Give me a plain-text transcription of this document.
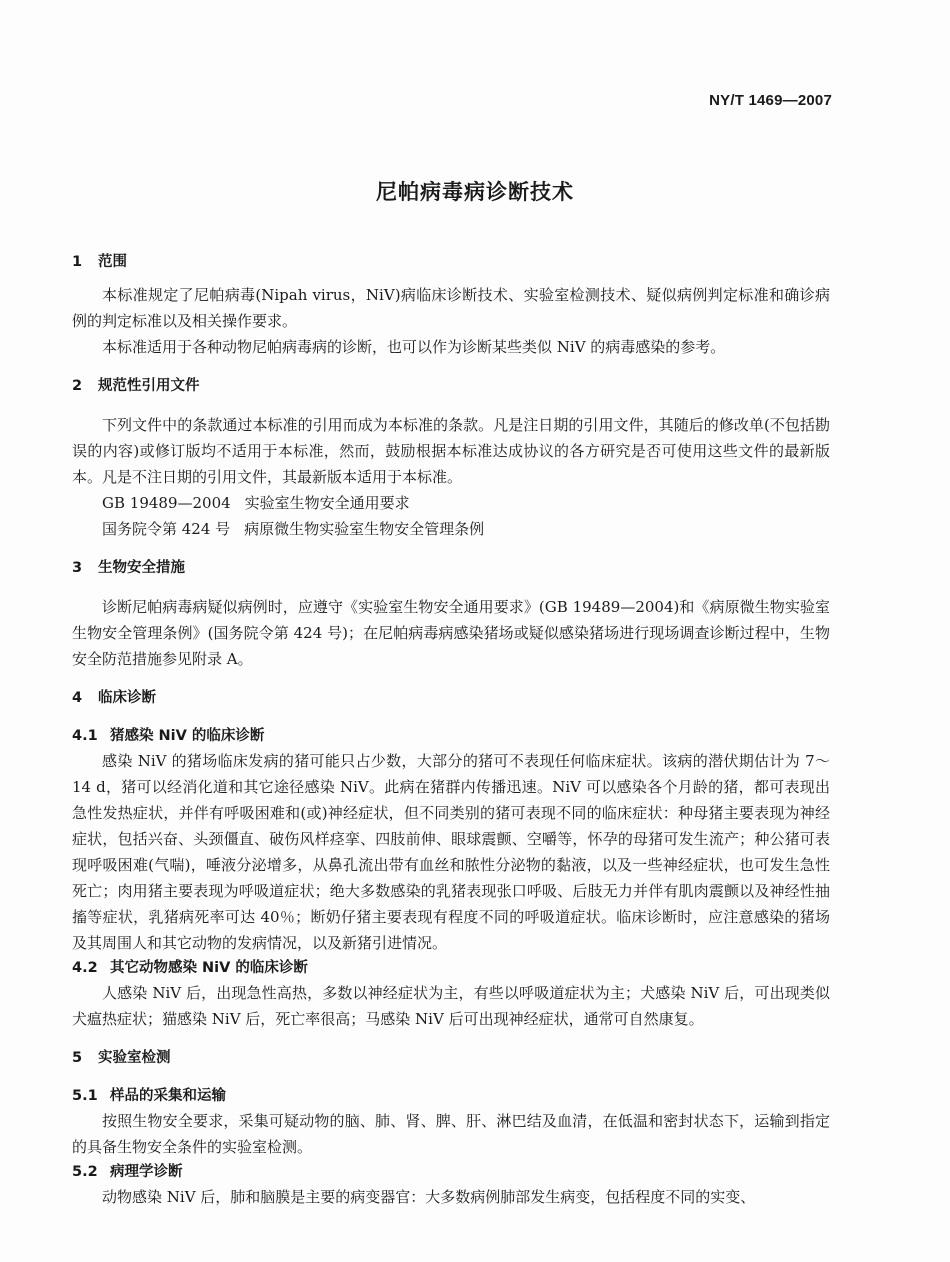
NY/T 1469—2007
尼帕病毒病诊断技术
1 范围

本标准规定了尼帕病毒(Nipah virus，NiV)病临床诊断技术、实验室检测技术、疑似病例判定标准和确诊病例的判定标准以及相关操作要求。

本标准适用于各种动物尼帕病毒病的诊断，也可以作为诊断某些类似 NiV 的病毒感染的参考。

2 规范性引用文件

下列文件中的条款通过本标准的引用而成为本标准的条款。凡是注日期的引用文件，其随后的修改单(不包括勘误的内容)或修订版均不适用于本标准，然而，鼓励根据本标准达成协议的各方研究是否可使用这些文件的最新版本。凡是不注日期的引用文件，其最新版本适用于本标准。

GB 19489—2004 实验室生物安全通用要求

国务院令第 424 号 病原微生物实验室生物安全管理条例

3 生物安全措施

诊断尼帕病毒病疑似病例时，应遵守《实验室生物安全通用要求》(GB 19489—2004)和《病原微生物实验室生物安全管理条例》(国务院令第 424 号)；在尼帕病毒病感染猪场或疑似感染猪场进行现场调查诊断过程中，生物安全防范措施参见附录 A。

4 临床诊断
4.1 猪感染 NiV 的临床诊断

感染 NiV 的猪场临床发病的猪可能只占少数，大部分的猪可不表现任何临床症状。该病的潜伏期估计为 7～14 d，猪可以经消化道和其它途径感染 NiV。此病在猪群内传播迅速。NiV 可以感染各个月龄的猪，都可表现出急性发热症状，并伴有呼吸困难和(或)神经症状，但不同类别的猪可表现不同的临床症状：种母猪主要表现为神经症状，包括兴奋、头颈僵直、破伤风样痉挛、四肢前伸、眼球震颤、空嚼等，怀孕的母猪可发生流产；种公猪可表现呼吸困难(气喘)，唾液分泌增多，从鼻孔流出带有血丝和脓性分泌物的黏液，以及一些神经症状，也可发生急性死亡；肉用猪主要表现为呼吸道症状；绝大多数感染的乳猪表现张口呼吸、后肢无力并伴有肌肉震颤以及神经性抽搐等症状，乳猪病死率可达 40％；断奶仔猪主要表现有程度不同的呼吸道症状。临床诊断时，应注意感染的猪场及其周围人和其它动物的发病情况，以及新猪引进情况。

4.2 其它动物感染 NiV 的临床诊断

人感染 NiV 后，出现急性高热，多数以神经症状为主，有些以呼吸道症状为主；犬感染 NiV 后，可出现类似犬瘟热症状；猫感染 NiV 后，死亡率很高；马感染 NiV 后可出现神经症状，通常可自然康复。

5 实验室检测
5.1 样品的采集和运输

按照生物安全要求，采集可疑动物的脑、肺、肾、脾、肝、淋巴结及血清，在低温和密封状态下，运输到指定的具备生物安全条件的实验室检测。

5.2 病理学诊断

动物感染 NiV 后，肺和脑膜是主要的病变器官：大多数病例肺部发生病变，包括程度不同的实变、
